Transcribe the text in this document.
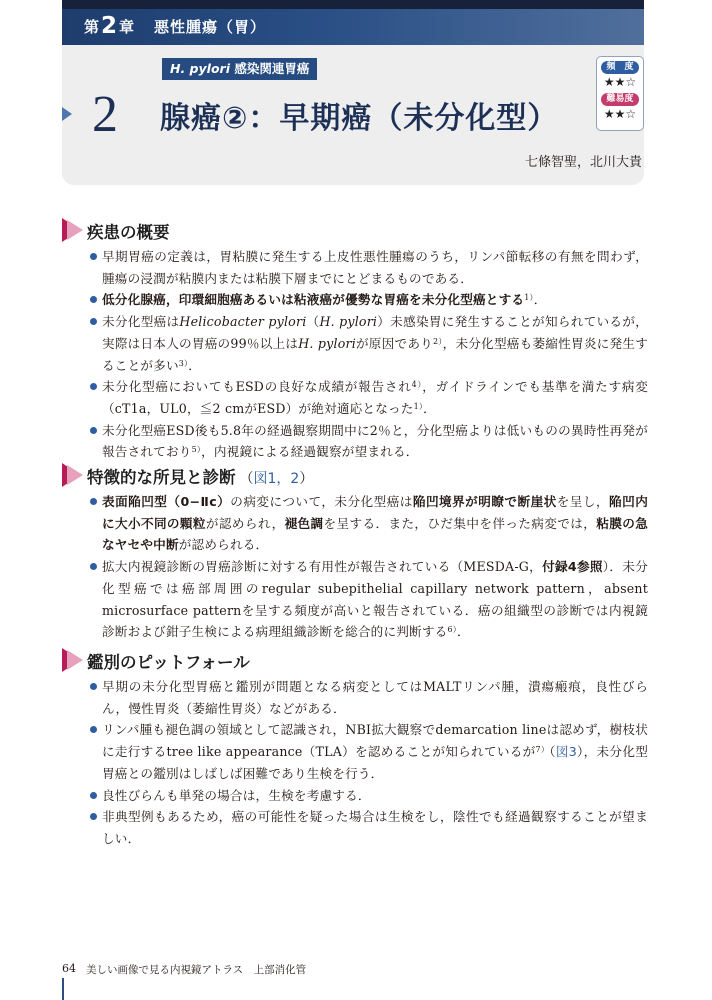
第2 章 悪性腫瘍（胃）
H. pylori 感染関連胃癌
2 腺癌②：早期癌（未分化型）
七條智聖，北川大貴
頻　度
★★☆
難易度
★★☆
疾患の概要
早期胃癌の定義は，胃粘膜に発生する上皮性悪性腫瘍のうち，リンパ節転移の有無を問わず，腫瘍の浸潤が粘膜内または粘膜下層までにとどまるものである．
低分化腺癌，印環細胞癌あるいは粘液癌が優勢な胃癌を未分化型癌とする$^{1)}$．
未分化型癌はHelicobacter pylori（H. pylori）未感染胃に発生することが知られているが，実際は日本人の胃癌の99％以上はH. pyloriが原因であり$^{2)}$，未分化型癌も萎縮性胃炎に発生することが多い$^{3)}$．
未分化型癌においてもESDの良好な成績が報告され$^{4)}$，ガイドラインでも基準を満たす病変（cT1a，UL0，≦2 cmがESD）が絶対適応となった$^{1)}$．
未分化型癌ESD後も5.8年の経過観察期間中に2％と，分化型癌よりは低いものの異時性再発が報告されており$^{5)}$，内視鏡による経過観察が望まれる．
特徴的な所見と診断 （図1，2）
表面陥凹型（0−Ⅱc）の病変について，未分化型癌は陥凹境界が明瞭で断崖状を呈し，陥凹内に大小不同の顆粒が認められ，褪色調を呈する．また，ひだ集中を伴った病変では，粘膜の急なヤセや中断が認められる．
拡大内視鏡診断の胃癌診断に対する有用性が報告されている（MESDA-G，付録4参照）．未分化型癌では癌部周囲のregular subepithelial capillary network pattern，absent microsurface patternを呈する頻度が高いと報告されている．癌の組織型の診断では内視鏡診断および鉗子生検による病理組織診断を総合的に判断する$^{6)}$．
鑑別のピットフォール
早期の未分化型胃癌と鑑別が問題となる病変としてはMALTリンパ腫，潰瘍瘢痕，良性びらん，慢性胃炎（萎縮性胃炎）などがある．
リンパ腫も褪色調の領域として認識され，NBI拡大観察でdemarcation lineは認めず，樹枝状に走行するtree like appearance（TLA）を認めることが知られているが$^{7)}$（図3），未分化型胃癌との鑑別はしばしば困難であり生検を行う．
良性びらんも単発の場合は，生検を考慮する．
非典型例もあるため，癌の可能性を疑った場合は生検をし，陰性でも経過観察することが望ましい．
64 美しい画像で見る内視鏡アトラス　上部消化管
